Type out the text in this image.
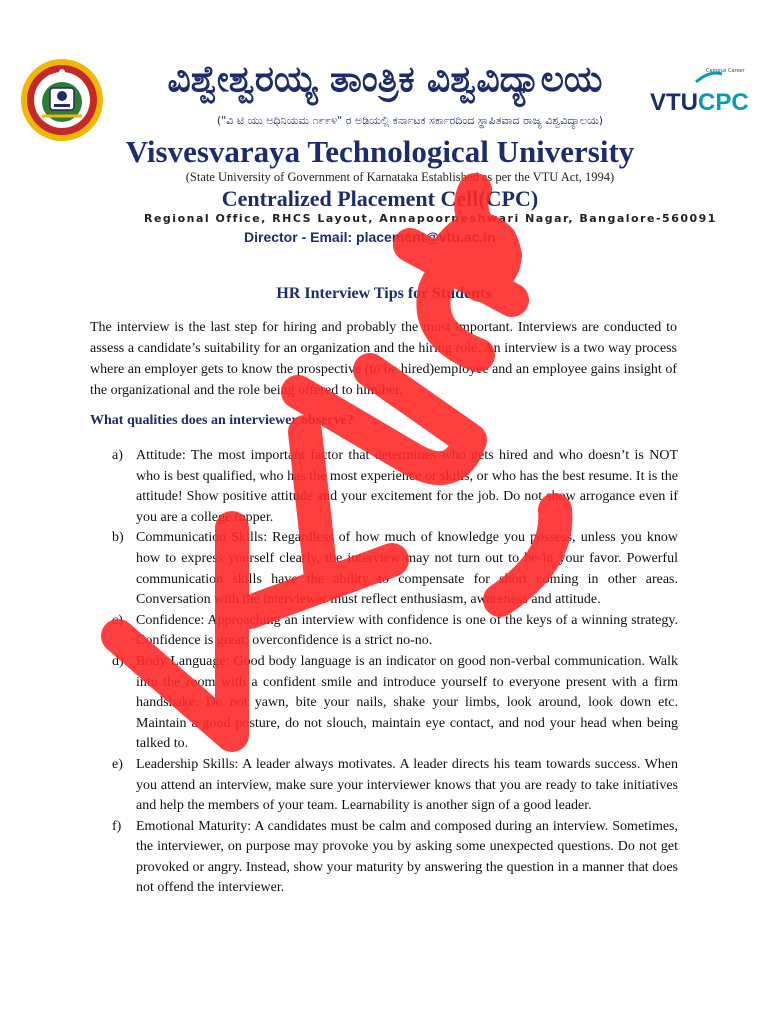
ವಿಶ್ವೇಶ್ವರಯ್ಯ ತಾಂತ್ರಿಕ ವಿಶ್ವವಿದ್ಯಾಲಯ
("ವಿ ಟಿ ಯು ಅಧಿನಿಯಮ ೧೯೯೪" ರ ಅಡಿಯಲ್ಲಿ ಕರ್ನಾಟಕ ಸರ್ಕಾರದಿಂದ ಸ್ಥಾಪಿತವಾದ ರಾಜ್ಯ ವಿಶ್ವವಿದ್ಯಾಲಯ)
Campus Career
VTU CPC
Visvesvaraya Technological University
(State University of Government of Karnataka Established as per the VTU Act, 1994)
Centralized Placement Cell(CPC)
Regional Office, RHCS Layout, Annapoorneshwari Nagar, Bangalore-560091
Director - Email: placement@vtu.ac.in
HR Interview Tips for Students

The interview is the last step for hiring and probably the most important. Interviews are conducted to assess a candidate’s suitability for an organization and the hiring role. An interview is a two way process where an employer gets to know the prospective (to be hired)employee and an employee gains insight of the organizational and the role being offered to him/her.

What qualities does an interviewer observe?
a) Attitude: The most important factor that determines who gets hired and who doesn’t is NOT who is best qualified, who has the most experience or skills, or who has the best resume. It is the attitude! Show positive attitude and your excitement for the job. Do not show arrogance even if you are a college topper.
b) Communication Skills: Regardless of how much of knowledge you possess, unless you know how to express yourself clearly, the interview may not turn out to be in your favor. Powerful communication skills have the ability to compensate for short coming in other areas. Conversation with the interviewer must reflect enthusiasm, awareness and attitude.
c) Confidence: Approaching an interview with confidence is one of the keys of a winning strategy. Confidence is great; overconfidence is a strict no-no.
d) Body Language: Good body language is an indicator on good non-verbal communication. Walk into the room with a confident smile and introduce yourself to everyone present with a firm handshake. Do not yawn, bite your nails, shake your limbs, look around, look down etc. Maintain a good posture, do not slouch, maintain eye contact, and nod your head when being talked to.
e) Leadership Skills: A leader always motivates. A leader directs his team towards success. When you attend an interview, make sure your interviewer knows that you are ready to take initiatives and help the members of your team. Learnability is another sign of a good leader.
f) Emotional Maturity: A candidates must be calm and composed during an interview. Sometimes, the interviewer, on purpose may provoke you by asking some unexpected questions. Do not get provoked or angry. Instead, show your maturity by answering the question in a manner that does not offend the interviewer.
